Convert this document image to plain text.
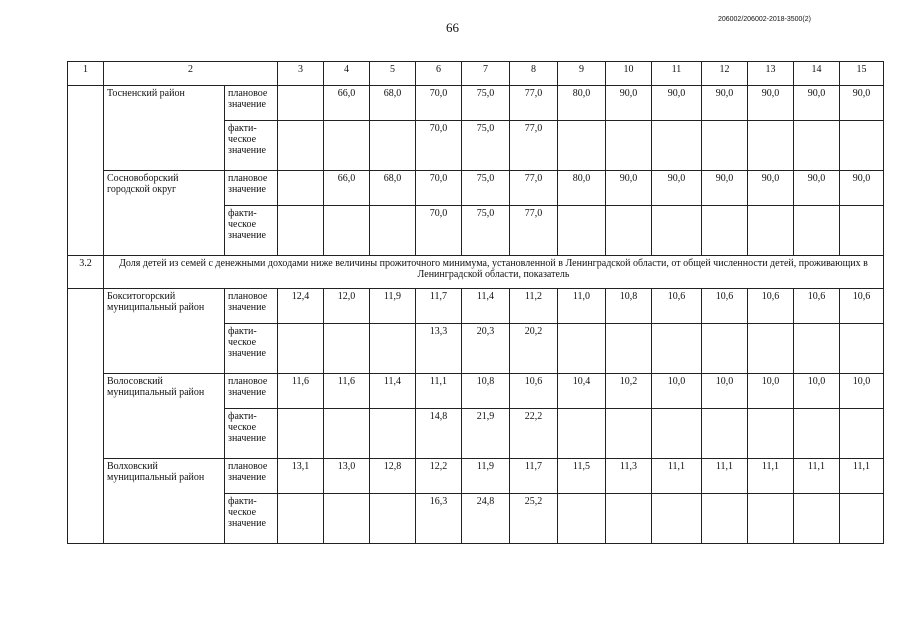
66
206002/206002-2018-3500(2)
1	2		3	4	5	6	7	8	9	10	11	12	13	14	15
	Тосненский район	плановое значение		66,0	68,0	70,0	75,0	77,0	80,0	90,0	90,0	90,0	90,0	90,0	90,0
		факти-ческое значение				70,0	75,0	77,0							
	Сосновоборский городской округ	плановое значение		66,0	68,0	70,0	75,0	77,0	80,0	90,0	90,0	90,0	90,0	90,0	90,0
		факти-ческое значение				70,0	75,0	77,0							
3.2	Доля детей из семей с денежными доходами ниже величины прожиточного минимума, установленной в Ленинградской области, от общей численности детей, проживающих в Ленинградской области, показатель														
	Бокситогорский муниципальный район	плановое значение	12,4	12,0	11,9	11,7	11,4	11,2	11,0	10,8	10,6	10,6	10,6	10,6	10,6
		факти-ческое значение				13,3	20,3	20,2							
	Волосовский муниципальный район	плановое значение	11,6	11,6	11,4	11,1	10,8	10,6	10,4	10,2	10,0	10,0	10,0	10,0	10,0
		факти-ческое значение				14,8	21,9	22,2							
	Волховский муниципальный район	плановое значение	13,1	13,0	12,8	12,2	11,9	11,7	11,5	11,3	11,1	11,1	11,1	11,1	11,1
		факти-ческое значение				16,3	24,8	25,2							
